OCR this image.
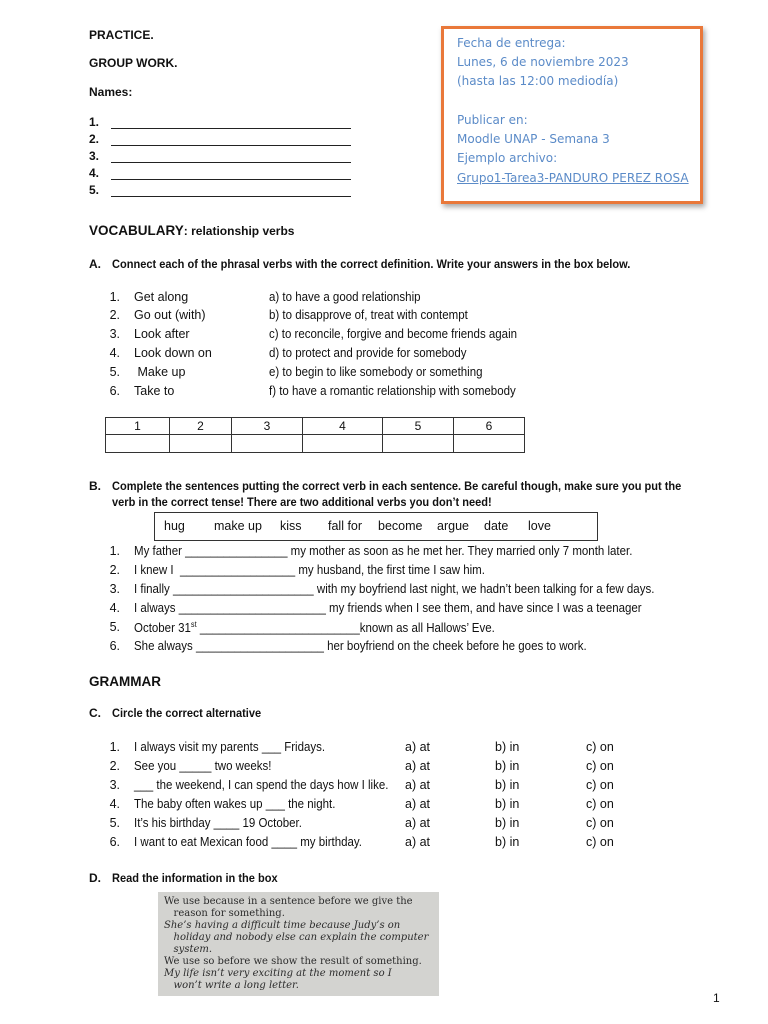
PRACTICE.
GROUP WORK.
Names:
1.
2.
3.
4.
5.
Fecha de entrega:
Lunes, 6 de noviembre 2023
(hasta las 12:00 mediodía)
Publicar en:
Moodle UNAP - Semana 3
Ejemplo archivo:
Grupo1-Tarea3-PANDURO PEREZ ROSA
VOCABULARY: relationship verbs
A. Connect each of the phrasal verbs with the correct definition. Write your answers in the box below.
1. Get along	a) to have a good relationship
2. Go out (with)	b) to disapprove of, treat with contempt
3. Look after	c) to reconcile, forgive and become friends again
4. Look down on	d) to protect and provide for somebody
5. Make up	e) to begin to like somebody or something
6. Take to	f) to have a romantic relationship with somebody
1	2	3	4	5	6

B. Complete the sentences putting the correct verb in each sentence. Be careful though, make sure you put the
verb in the correct tense! There are two additional verbs you don’t need!
hug make up kiss fall for become argue date love
1. My father ________________ my mother as soon as he met her. They married only 7 month later.
2. I knew I  __________________ my husband, the first time I saw him.
3. I finally ______________________ with my boyfriend last night, we hadn’t been talking for a few days.
4. I always _______________________ my friends when I see them, and have since I was a teenager
5. October 31st _________________________known as all Hallows’ Eve.
6. She always ____________________ her boyfriend on the cheek before he goes to work.
GRAMMAR
C. Circle the correct alternative
1. I always visit my parents ___ Fridays.	a) at	b) in	c) on
2. See you _____ two weeks!	a) at	b) in	c) on
3. ___ the weekend, I can spend the days how I like. a) at	b) in	c) on
4. The baby often wakes up ___ the night.	a) at	b) in	c) on
5. It’s his birthday ____ 19 October.	a) at	b) in	c) on
6. I want to eat Mexican food ____ my birthday.	a) at	b) in	c) on
D. Read the information in the box
We use because in a sentence before we give the
reason for something.
She’s having a difficult time because Judy’s on
holiday and nobody else can explain the computer
system.
We use so before we show the result of something.
My life isn’t very exciting at the moment so I
won’t write a long letter.
1
